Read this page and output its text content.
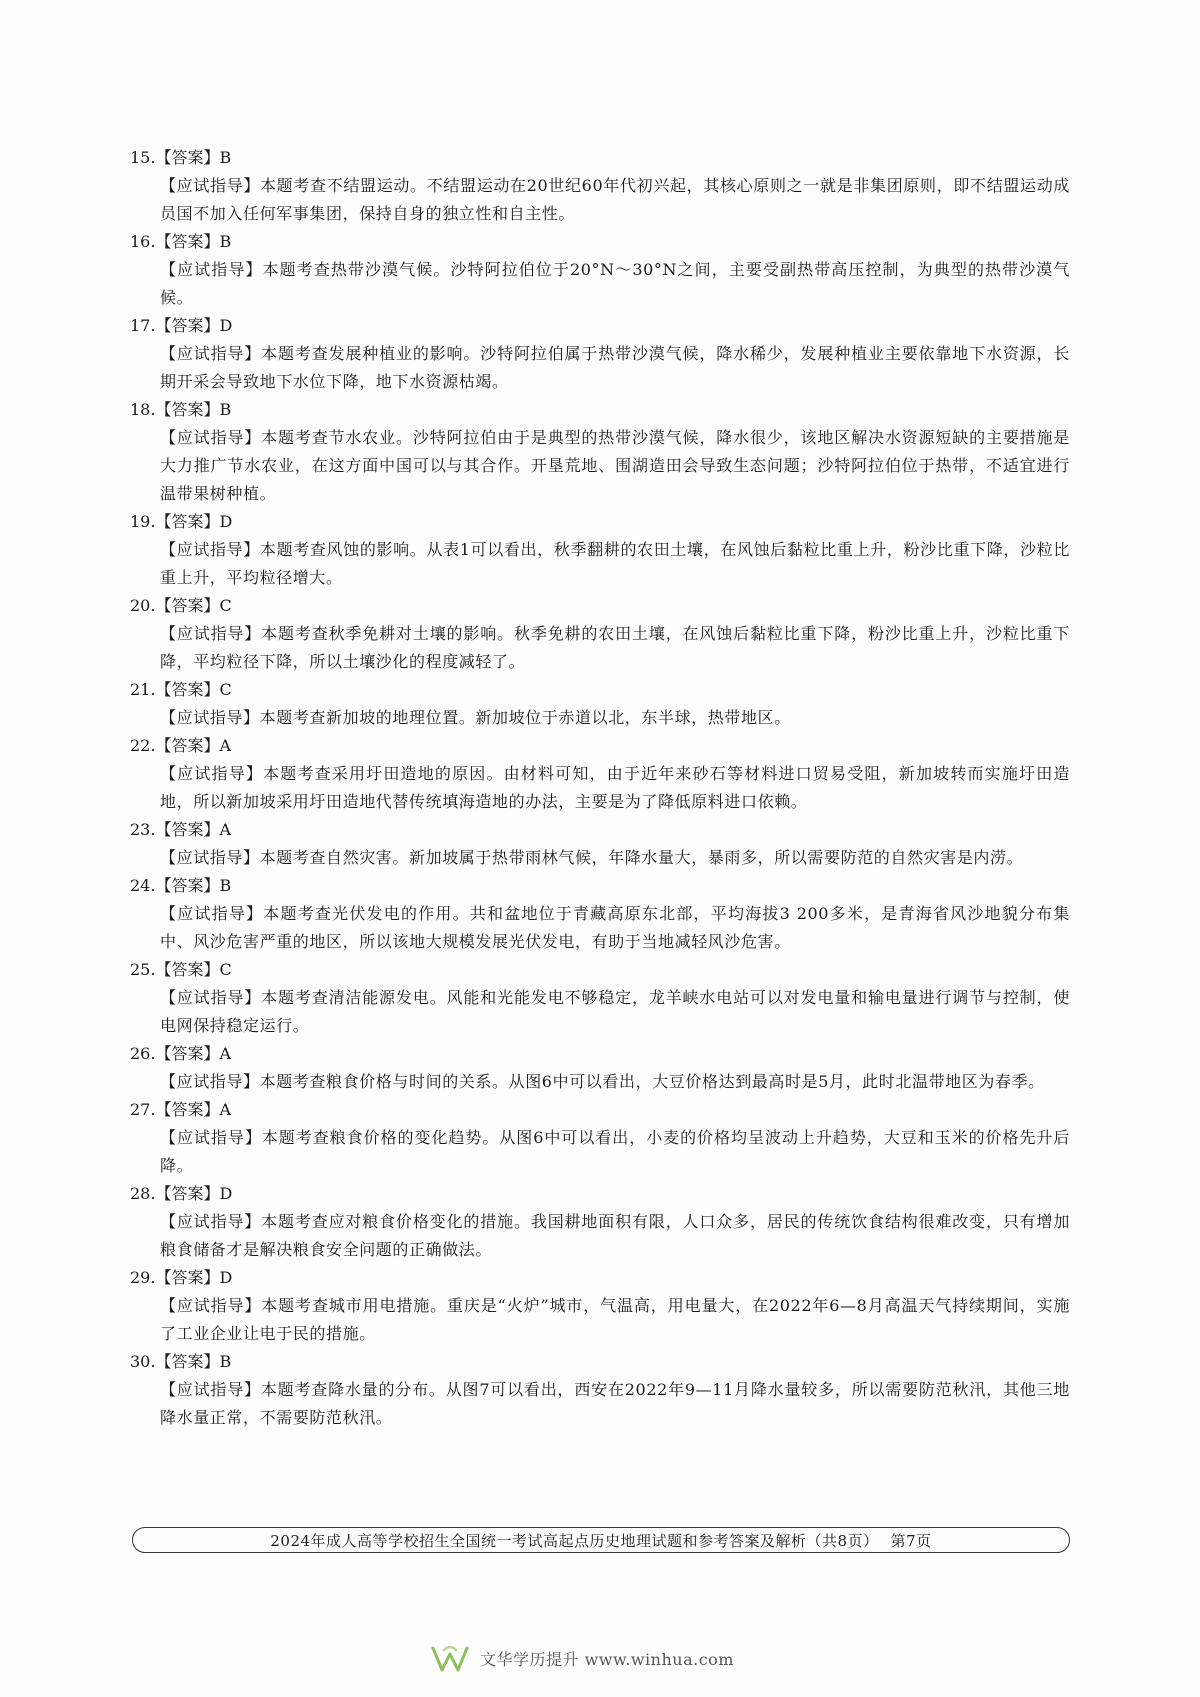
15.【答案】B
【应试指导】本题考查不结盟运动。不结盟运动在20世纪60年代初兴起，其核心原则之一就是非集团原则，即不结盟运动成员国不加入任何军事集团，保持自身的独立性和自主性。
16.【答案】B
【应试指导】本题考查热带沙漠气候。沙特阿拉伯位于20°N～30°N之间，主要受副热带高压控制，为典型的热带沙漠气候。
17.【答案】D
【应试指导】本题考查发展种植业的影响。沙特阿拉伯属于热带沙漠气候，降水稀少，发展种植业主要依靠地下水资源，长期开采会导致地下水位下降，地下水资源枯竭。
18.【答案】B
【应试指导】本题考查节水农业。沙特阿拉伯由于是典型的热带沙漠气候，降水很少，该地区解决水资源短缺的主要措施是大力推广节水农业，在这方面中国可以与其合作。开垦荒地、围湖造田会导致生态问题；沙特阿拉伯位于热带，不适宜进行温带果树种植。
19.【答案】D
【应试指导】本题考查风蚀的影响。从表1可以看出，秋季翻耕的农田土壤，在风蚀后黏粒比重上升，粉沙比重下降，沙粒比重上升，平均粒径增大。
20.【答案】C
【应试指导】本题考查秋季免耕对土壤的影响。秋季免耕的农田土壤，在风蚀后黏粒比重下降，粉沙比重上升，沙粒比重下降，平均粒径下降，所以土壤沙化的程度减轻了。
21.【答案】C
【应试指导】本题考查新加坡的地理位置。新加坡位于赤道以北，东半球，热带地区。
22.【答案】A
【应试指导】本题考查采用圩田造地的原因。由材料可知，由于近年来砂石等材料进口贸易受阻，新加坡转而实施圩田造地，所以新加坡采用圩田造地代替传统填海造地的办法，主要是为了降低原料进口依赖。
23.【答案】A
【应试指导】本题考查自然灾害。新加坡属于热带雨林气候，年降水量大，暴雨多，所以需要防范的自然灾害是内涝。
24.【答案】B
【应试指导】本题考查光伏发电的作用。共和盆地位于青藏高原东北部，平均海拔3 200多米，是青海省风沙地貌分布集中、风沙危害严重的地区，所以该地大规模发展光伏发电，有助于当地减轻风沙危害。
25.【答案】C
【应试指导】本题考查清洁能源发电。风能和光能发电不够稳定，龙羊峡水电站可以对发电量和输电量进行调节与控制，使电网保持稳定运行。
26.【答案】A
【应试指导】本题考查粮食价格与时间的关系。从图6中可以看出，大豆价格达到最高时是5月，此时北温带地区为春季。
27.【答案】A
【应试指导】本题考查粮食价格的变化趋势。从图6中可以看出，小麦的价格均呈波动上升趋势，大豆和玉米的价格先升后降。
28.【答案】D
【应试指导】本题考查应对粮食价格变化的措施。我国耕地面积有限，人口众多，居民的传统饮食结构很难改变，只有增加粮食储备才是解决粮食安全问题的正确做法。
29.【答案】D
【应试指导】本题考查城市用电措施。重庆是“火炉”城市，气温高，用电量大，在2022年6—8月高温天气持续期间，实施了工业企业让电于民的措施。
30.【答案】B
【应试指导】本题考查降水量的分布。从图7可以看出，西安在2022年9—11月降水量较多，所以需要防范秋汛，其他三地降水量正常，不需要防范秋汛。
2024年成人高等学校招生全国统一考试高起点历史地理试题和参考答案及解析（共8页） 第7页
文华学历提升 www.winhua.com
